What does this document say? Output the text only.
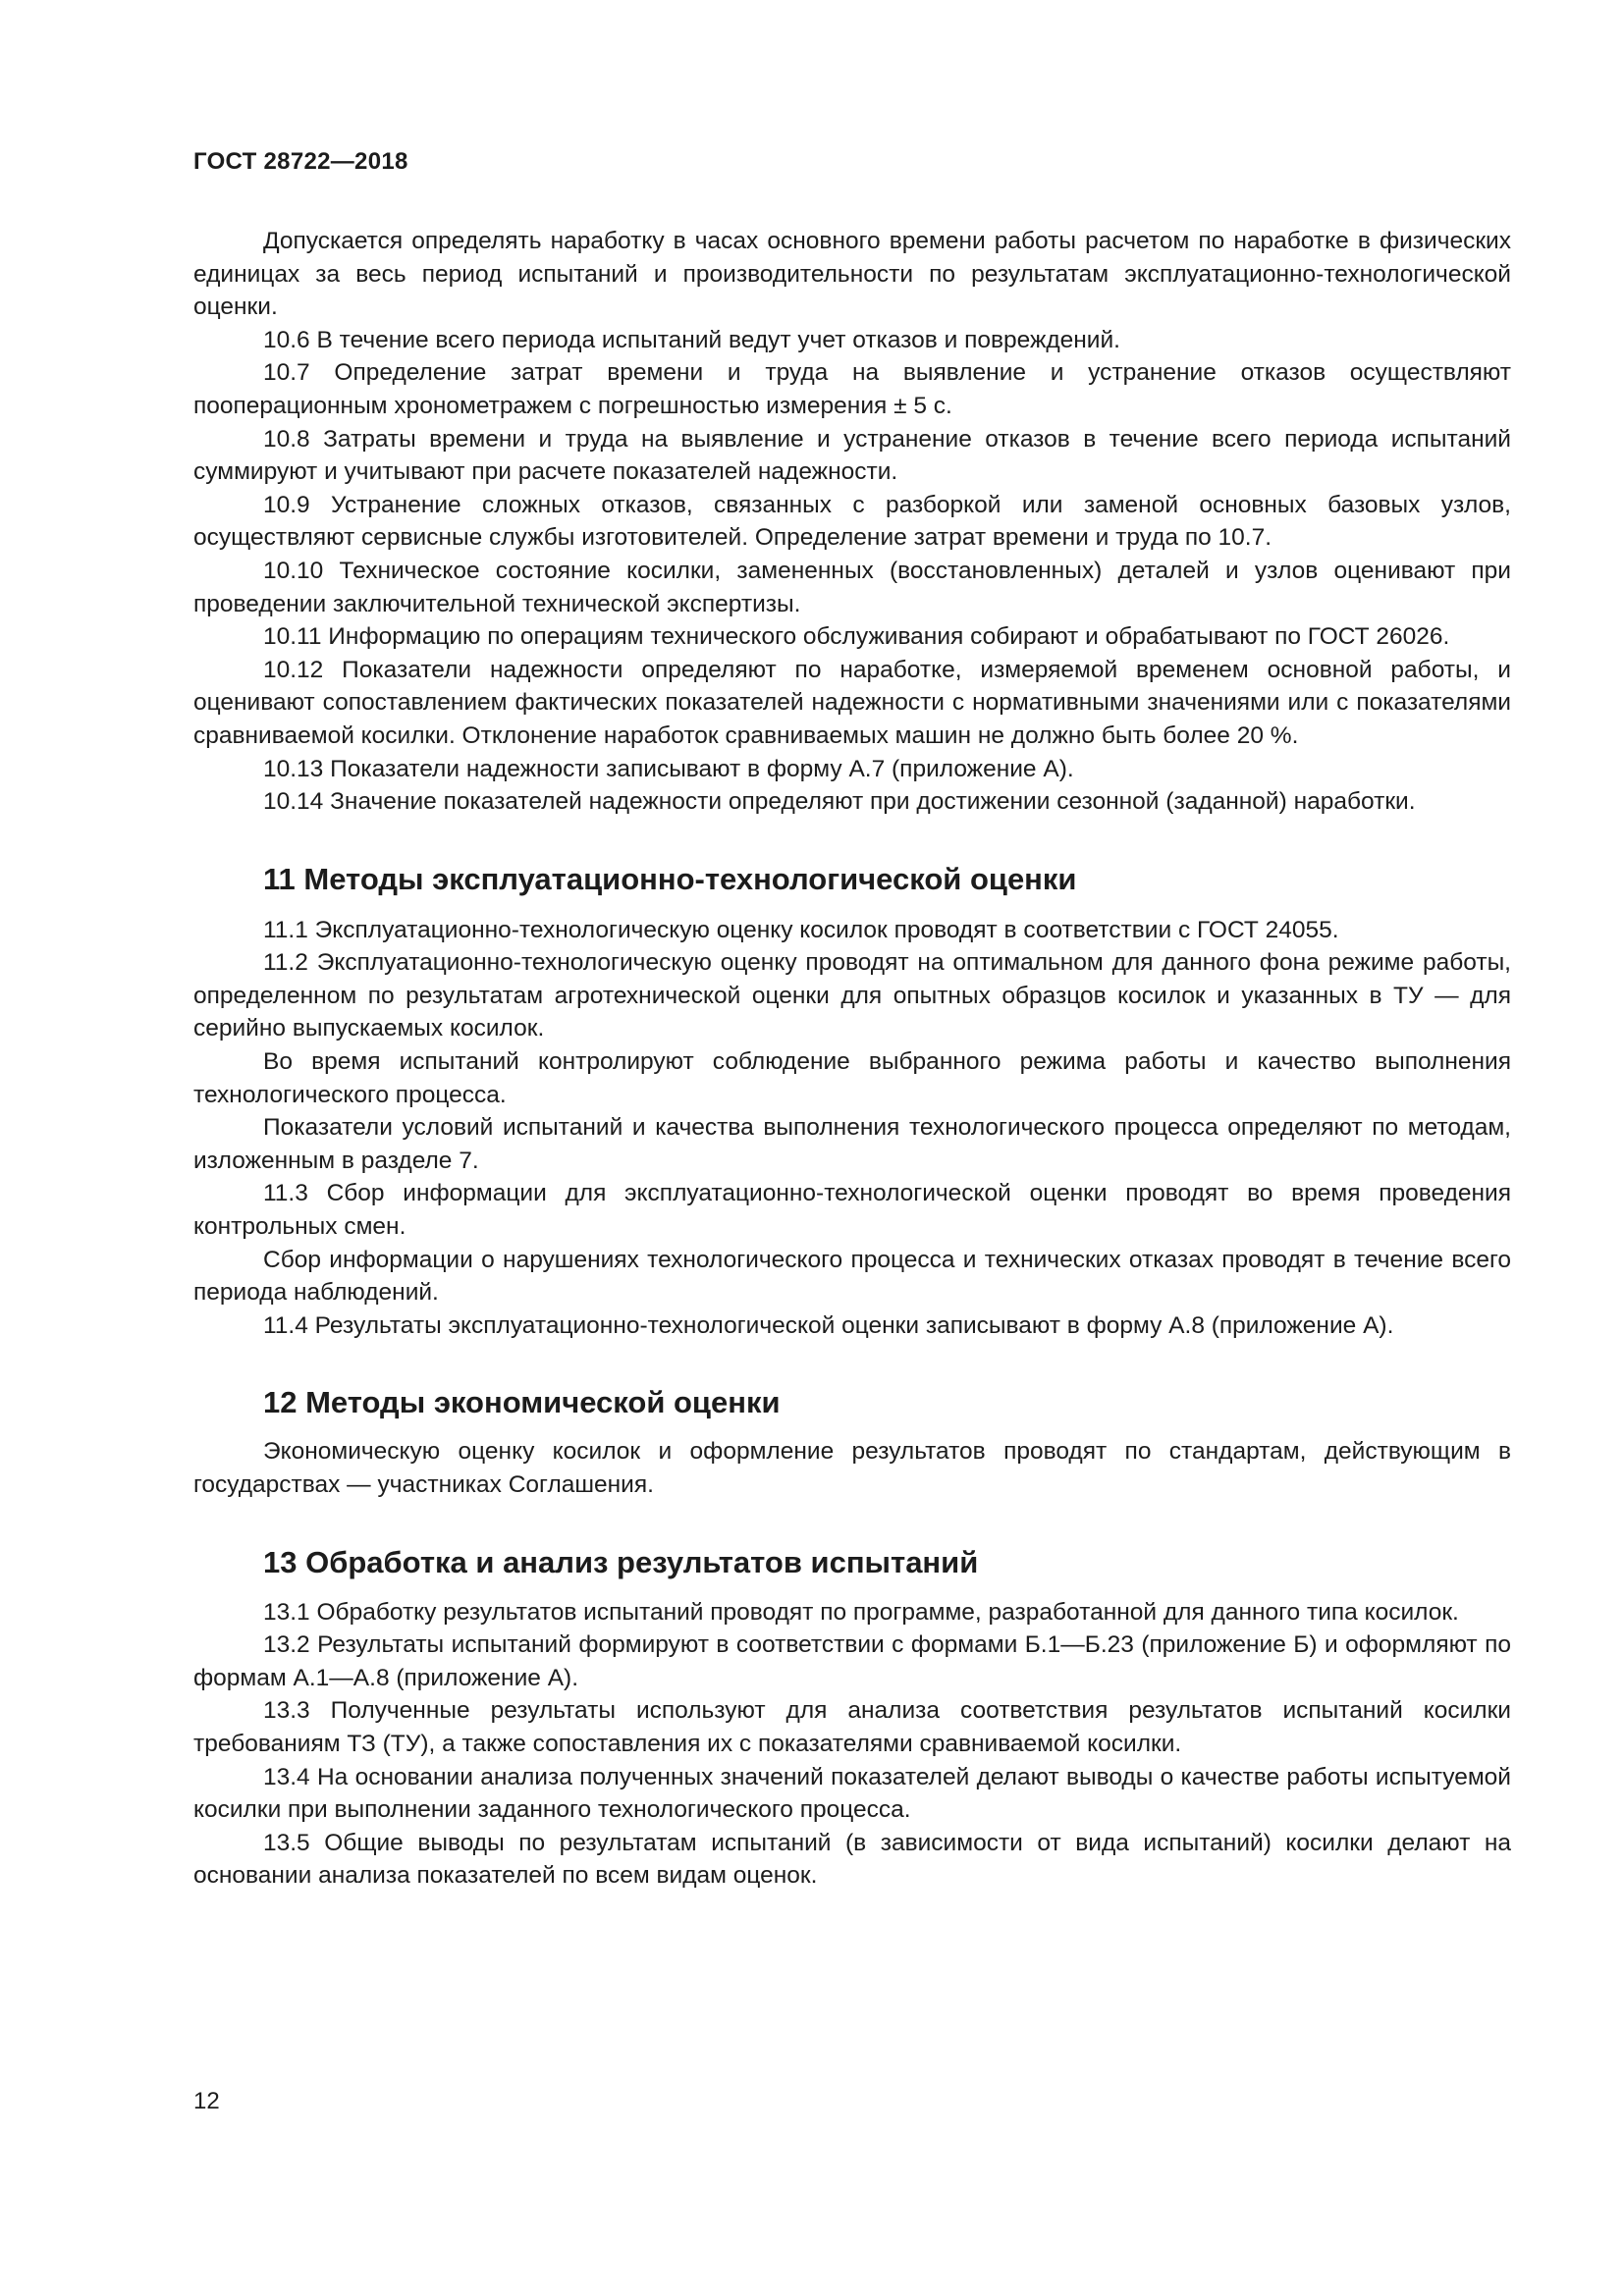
ГОСТ 28722—2018

Допускается определять наработку в часах основного времени работы расчетом по наработке в физических единицах за весь период испытаний и производительности по результатам эксплуатационно-технологической оценки.

10.6 В течение всего периода испытаний ведут учет отказов и повреждений.

10.7 Определение затрат времени и труда на выявление и устранение отказов осуществляют пооперационным хронометражем с погрешностью измерения ± 5 с.

10.8 Затраты времени и труда на выявление и устранение отказов в течение всего периода испытаний суммируют и учитывают при расчете показателей надежности.

10.9 Устранение сложных отказов, связанных с разборкой или заменой основных базовых узлов, осуществляют сервисные службы изготовителей. Определение затрат времени и труда по 10.7.

10.10 Техническое состояние косилки, замененных (восстановленных) деталей и узлов оценивают при проведении заключительной технической экспертизы.

10.11 Информацию по операциям технического обслуживания собирают и обрабатывают по ГОСТ 26026.

10.12 Показатели надежности определяют по наработке, измеряемой временем основной работы, и оценивают сопоставлением фактических показателей надежности с нормативными значениями или с показателями сравниваемой косилки. Отклонение наработок сравниваемых машин не должно быть более 20 %.

10.13 Показатели надежности записывают в форму А.7 (приложение А).

10.14 Значение показателей надежности определяют при достижении сезонной (заданной) наработки.

11 Методы эксплуатационно-технологической оценки

11.1 Эксплуатационно-технологическую оценку косилок проводят в соответствии с ГОСТ 24055.

11.2 Эксплуатационно-технологическую оценку проводят на оптимальном для данного фона режиме работы, определенном по результатам агротехнической оценки для опытных образцов косилок и указанных в ТУ — для серийно выпускаемых косилок.

Во время испытаний контролируют соблюдение выбранного режима работы и качество выполнения технологического процесса.

Показатели условий испытаний и качества выполнения технологического процесса определяют по методам, изложенным в разделе 7.

11.3 Сбор информации для эксплуатационно-технологической оценки проводят во время проведения контрольных смен.

Сбор информации о нарушениях технологического процесса и технических отказах проводят в течение всего периода наблюдений.

11.4 Результаты эксплуатационно-технологической оценки записывают в форму А.8 (приложение А).

12 Методы экономической оценки

Экономическую оценку косилок и оформление результатов проводят по стандартам, действующим в государствах — участниках Соглашения.

13 Обработка и анализ результатов испытаний

13.1 Обработку результатов испытаний проводят по программе, разработанной для данного типа косилок.

13.2 Результаты испытаний формируют в соответствии с формами Б.1—Б.23 (приложение Б) и оформляют по формам А.1—А.8 (приложение А).

13.3 Полученные результаты используют для анализа соответствия результатов испытаний косилки требованиям ТЗ (ТУ), а также сопоставления их с показателями сравниваемой косилки.

13.4 На основании анализа полученных значений показателей делают выводы о качестве работы испытуемой косилки при выполнении заданного технологического процесса.

13.5 Общие выводы по результатам испытаний (в зависимости от вида испытаний) косилки делают на основании анализа показателей по всем видам оценок.

12
